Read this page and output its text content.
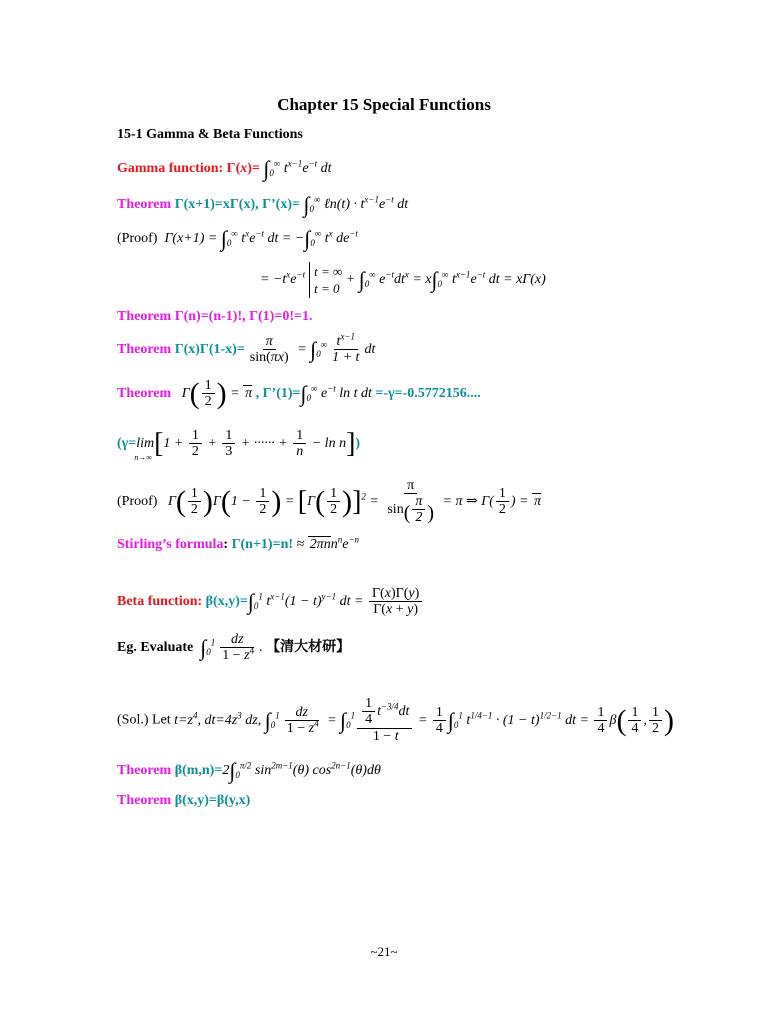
Chapter 15 Special Functions
15-1 Gamma & Beta Functions
Gamma function: $\Gamma(x)= \int_0^\infty$ $t^{x-1}e^{-t}$ dt
Theorem Γ(x+1)=xΓ(x), Γ’(x)= $\int_0^\infty$ ℓn(t) · $t^{x-1}e^{-t}$ dt
(Proof)  $\Gamma(x+1) = \int_0^\infty$ $t^xe^{-t}$ dt = $-\int_0^\infty$ $t^x$ $de^{-t}$
= $-t^xe^{-t}$ t = ∞
t = 0
+ $\int_0^\infty$ $e^{-t}dt^x = x\int_0^\infty$ $t^{x-1}e^{-t}$ dt = xΓ(x)
Theorem Γ(n)=(n-1)!, Γ(1)=0!=1.
Theorem $\Gamma(x)\Gamma(1-x)= \frac{\pi}{\sin(\pi x)} = \int_0^\infty \frac{t^{x-1}}{1 + t}$ dt
Theorem   $\Gamma( \frac{1}{2}$ ) = π , $\Gamma’(1)=\int_0^\infty$ $e^{-t}$ ln t dt =-γ=-0.5772156....
(γ=lim
n→∞ [$1 + \frac{1}{2} + \frac{1}{3}$ + ······ + $\frac{1}{n} - \ln n$])
(Proof)   $\Gamma( \frac{1}{2} )\Gamma(1 - \frac{1}{2}$ ) = $[\Gamma( \frac{1}{2} )]^2 = \frac{\pi}{\sin( \frac{\pi}{2} )} = \pi$ ⇒ $\Gamma( \frac{1}{2}$ ) = π
Stirling’s formula: Γ(n+1)=n! ≈ $2\pi nn^ne^{-n}$
Beta function: $\beta(x,y)=\int_0^1$ $t^{x-1}(1 - t)^{y-1}$ dt = $\frac{\Gamma(x)\Gamma(y)}{\Gamma(x + y)}$
Eg. Evaluate $\int_0^1 \frac{dz}{1 - z^4}$ . 【清大材研】
(Sol.) Let $t=z^4$, $dt=4z^3$ dz, $\int_0^1 \frac{dz}{1 - z^4} = \int_0^1 \frac{\frac{1}{4} t^{-3/4}dt}{1 - t} = \frac{1}{4} \int_0^1$ $t^{1/4-1} \cdot (1 - t)^{1/2-1}$ dt = $\frac{1}{4} \beta( \frac{1}{4}$ , $\frac{1}{2}$ )
Theorem $\beta(m,n)=2\int_0^{\pi/2}$ $\sin^{2m-1}(\theta)$ $\cos^{2n-1}(\theta)d\theta$
Theorem β(x,y)=β(y,x)
~21~
